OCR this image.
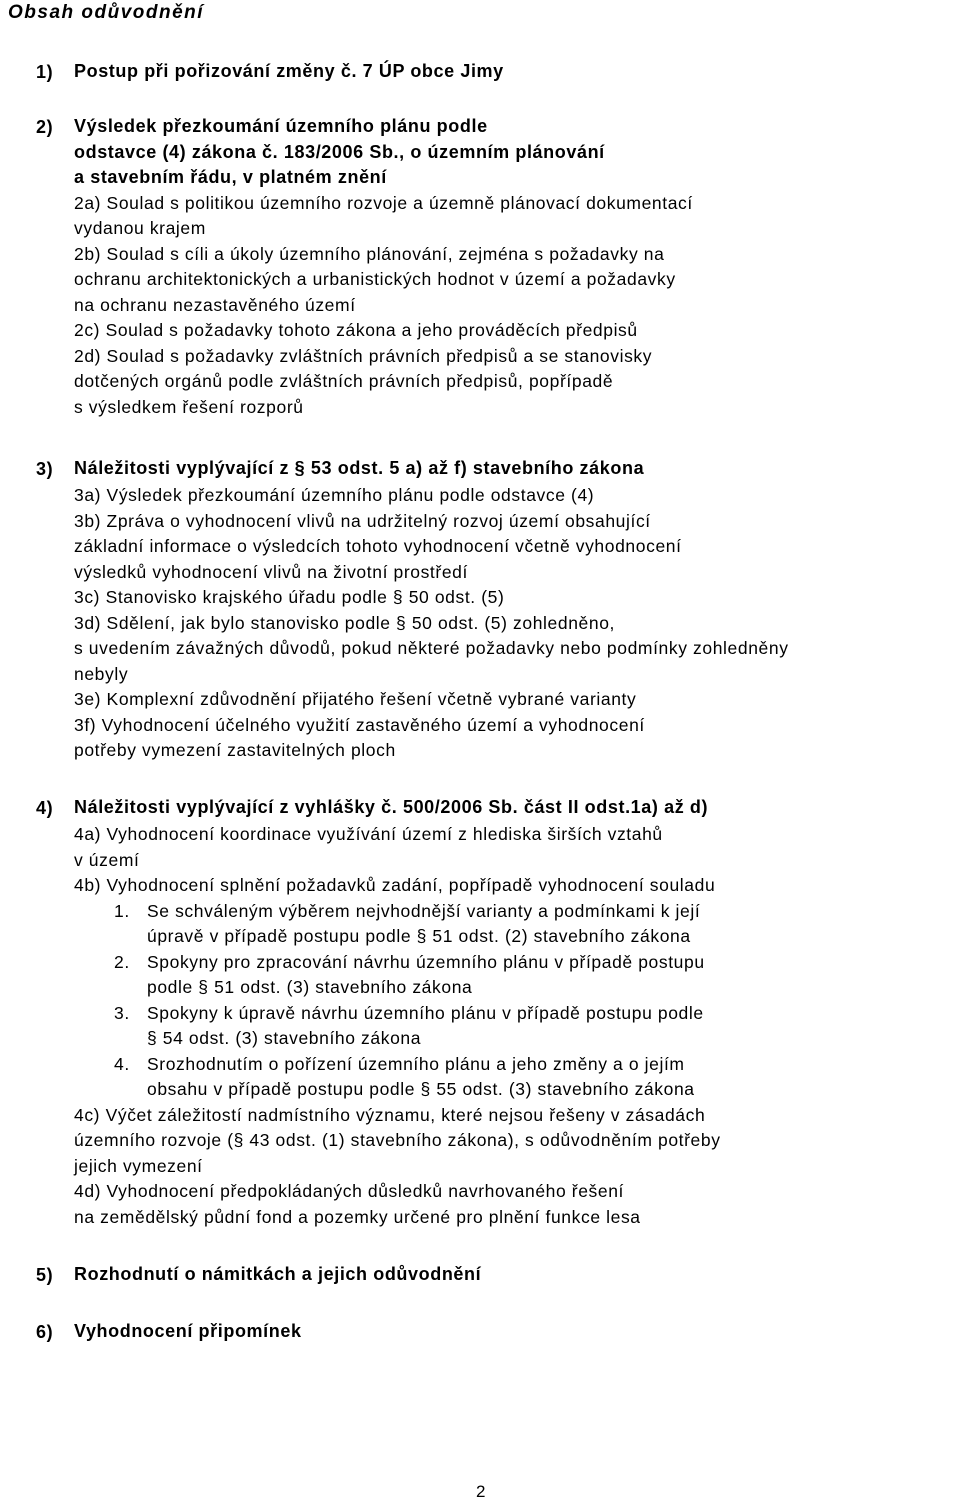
Obsah odůvodnění
1)	Postup při pořizování změny č. 7 ÚP obce Jimy
2)	Výsledek přezkoumání územního plánu podle
odstavce (4) zákona č. 183/2006 Sb., o územním plánování
a stavebním řádu, v platném znění
2a) Soulad s politikou územního rozvoje a územně plánovací dokumentací
vydanou krajem
2b) Soulad s cíli a úkoly územního plánování, zejména s požadavky na
ochranu architektonických a urbanistických hodnot v území a požadavky
na ochranu nezastavěného území
2c) Soulad s požadavky tohoto zákona a jeho prováděcích předpisů
2d) Soulad s požadavky zvláštních právních předpisů a se stanovisky
dotčených orgánů podle zvláštních právních předpisů, popřípadě
s výsledkem řešení rozporů
3)	Náležitosti vyplývající z § 53 odst. 5 a) až f) stavebního zákona
3a) Výsledek přezkoumání územního plánu podle odstavce (4)
3b) Zpráva o vyhodnocení vlivů na udržitelný rozvoj území obsahující
základní informace o výsledcích tohoto vyhodnocení včetně vyhodnocení
výsledků vyhodnocení vlivů na životní prostředí
3c) Stanovisko krajského úřadu podle § 50 odst. (5)
3d) Sdělení, jak bylo stanovisko podle § 50 odst. (5) zohledněno,
s uvedením závažných důvodů, pokud některé požadavky nebo podmínky zohledněny
nebyly
3e) Komplexní zdůvodnění přijatého řešení včetně vybrané varianty
3f) Vyhodnocení účelného využití zastavěného území a vyhodnocení
potřeby vymezení zastavitelných ploch
4)	Náležitosti vyplývající z vyhlášky č. 500/2006 Sb. část II odst.1a) až d)
4a) Vyhodnocení koordinace využívání území z hlediska širších vztahů
v území
4b) Vyhodnocení splnění požadavků zadání, popřípadě vyhodnocení souladu
1. Se schváleným výběrem nejvhodnější varianty a podmínkami k její
úpravě v případě postupu podle § 51 odst. (2) stavebního zákona
2. Spokyny pro zpracování návrhu územního plánu v případě postupu
podle § 51 odst. (3) stavebního zákona
3. Spokyny k úpravě návrhu územního plánu v případě postupu podle
§ 54 odst. (3) stavebního zákona
4. Srozhodnutím o pořízení územního plánu a jeho změny a o jejím
obsahu v případě postupu podle § 55 odst. (3) stavebního zákona
4c) Výčet záležitostí nadmístního významu, které nejsou řešeny v zásadách
územního rozvoje (§ 43 odst. (1) stavebního zákona), s odůvodněním potřeby
jejich vymezení
4d) Vyhodnocení předpokládaných důsledků navrhovaného řešení
na zemědělský půdní fond a pozemky určené pro plnění funkce lesa
5)	Rozhodnutí o námitkách a jejich odůvodnění
6)	Vyhodnocení připomínek

2
